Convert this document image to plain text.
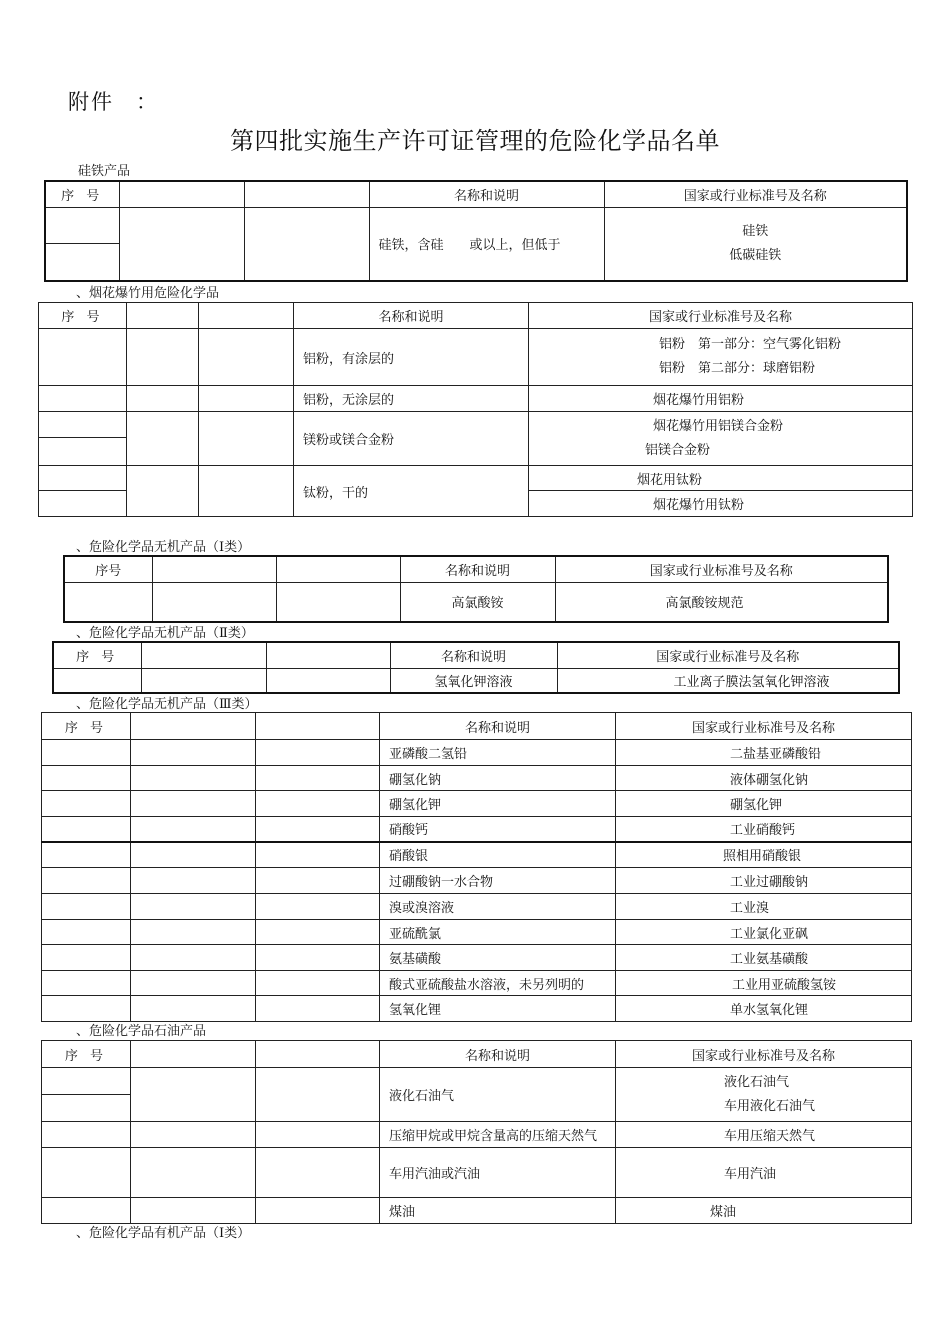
附件 ：
第四批实施生产许可证管理的危险化学品名单
硅铁产品
序 号			名称和说明	国家或行业标准号及名称
			硅铁，含硅　　或以上，但低于	硅铁
低碳硅铁

、烟花爆竹用危险化学品
序 号			名称和说明	国家或行业标准号及名称
			铝粉，有涂层的	铝粉　第一部分：空气雾化铝粉
铝粉　第二部分：球磨铝粉

			铝粉，无涂层的	烟花爆竹用铝粉
			镁粉或镁合金粉	烟花爆竹用铝镁合金粉
铝镁合金粉

			钛粉，干的	烟花用钛粉
				烟花爆竹用钛粉
、危险化学品无机产品（Ⅰ类）
序号			名称和说明	国家或行业标准号及名称
			高氯酸铵	高氯酸铵规范
、危险化学品无机产品（Ⅱ类）
序 号			名称和说明	国家或行业标准号及名称
			氢氧化钾溶液	工业离子膜法氢氧化钾溶液
、危险化学品无机产品（Ⅲ类）
序 号			名称和说明	国家或行业标准号及名称
			亚磷酸二氢铅	二盐基亚磷酸铅
			硼氢化钠	液体硼氢化钠
			硼氢化钾	硼氢化钾
			硝酸钙	工业硝酸钙
			硝酸银	照相用硝酸银
			过硼酸钠一水合物	工业过硼酸钠
			溴或溴溶液	工业溴
			亚硫酰氯	工业氯化亚砜
			氨基磺酸	工业氨基磺酸
			酸式亚硫酸盐水溶液，未另列明的	工业用亚硫酸氢铵
			氢氧化锂	单水氢氧化锂
、危险化学品石油产品
序 号			名称和说明	国家或行业标准号及名称
			液化石油气	液化石油气
车用液化石油气

			压缩甲烷或甲烷含量高的压缩天然气	车用压缩天然气
			车用汽油或汽油	车用汽油
			煤油	煤油
、危险化学品有机产品（Ⅰ类）
